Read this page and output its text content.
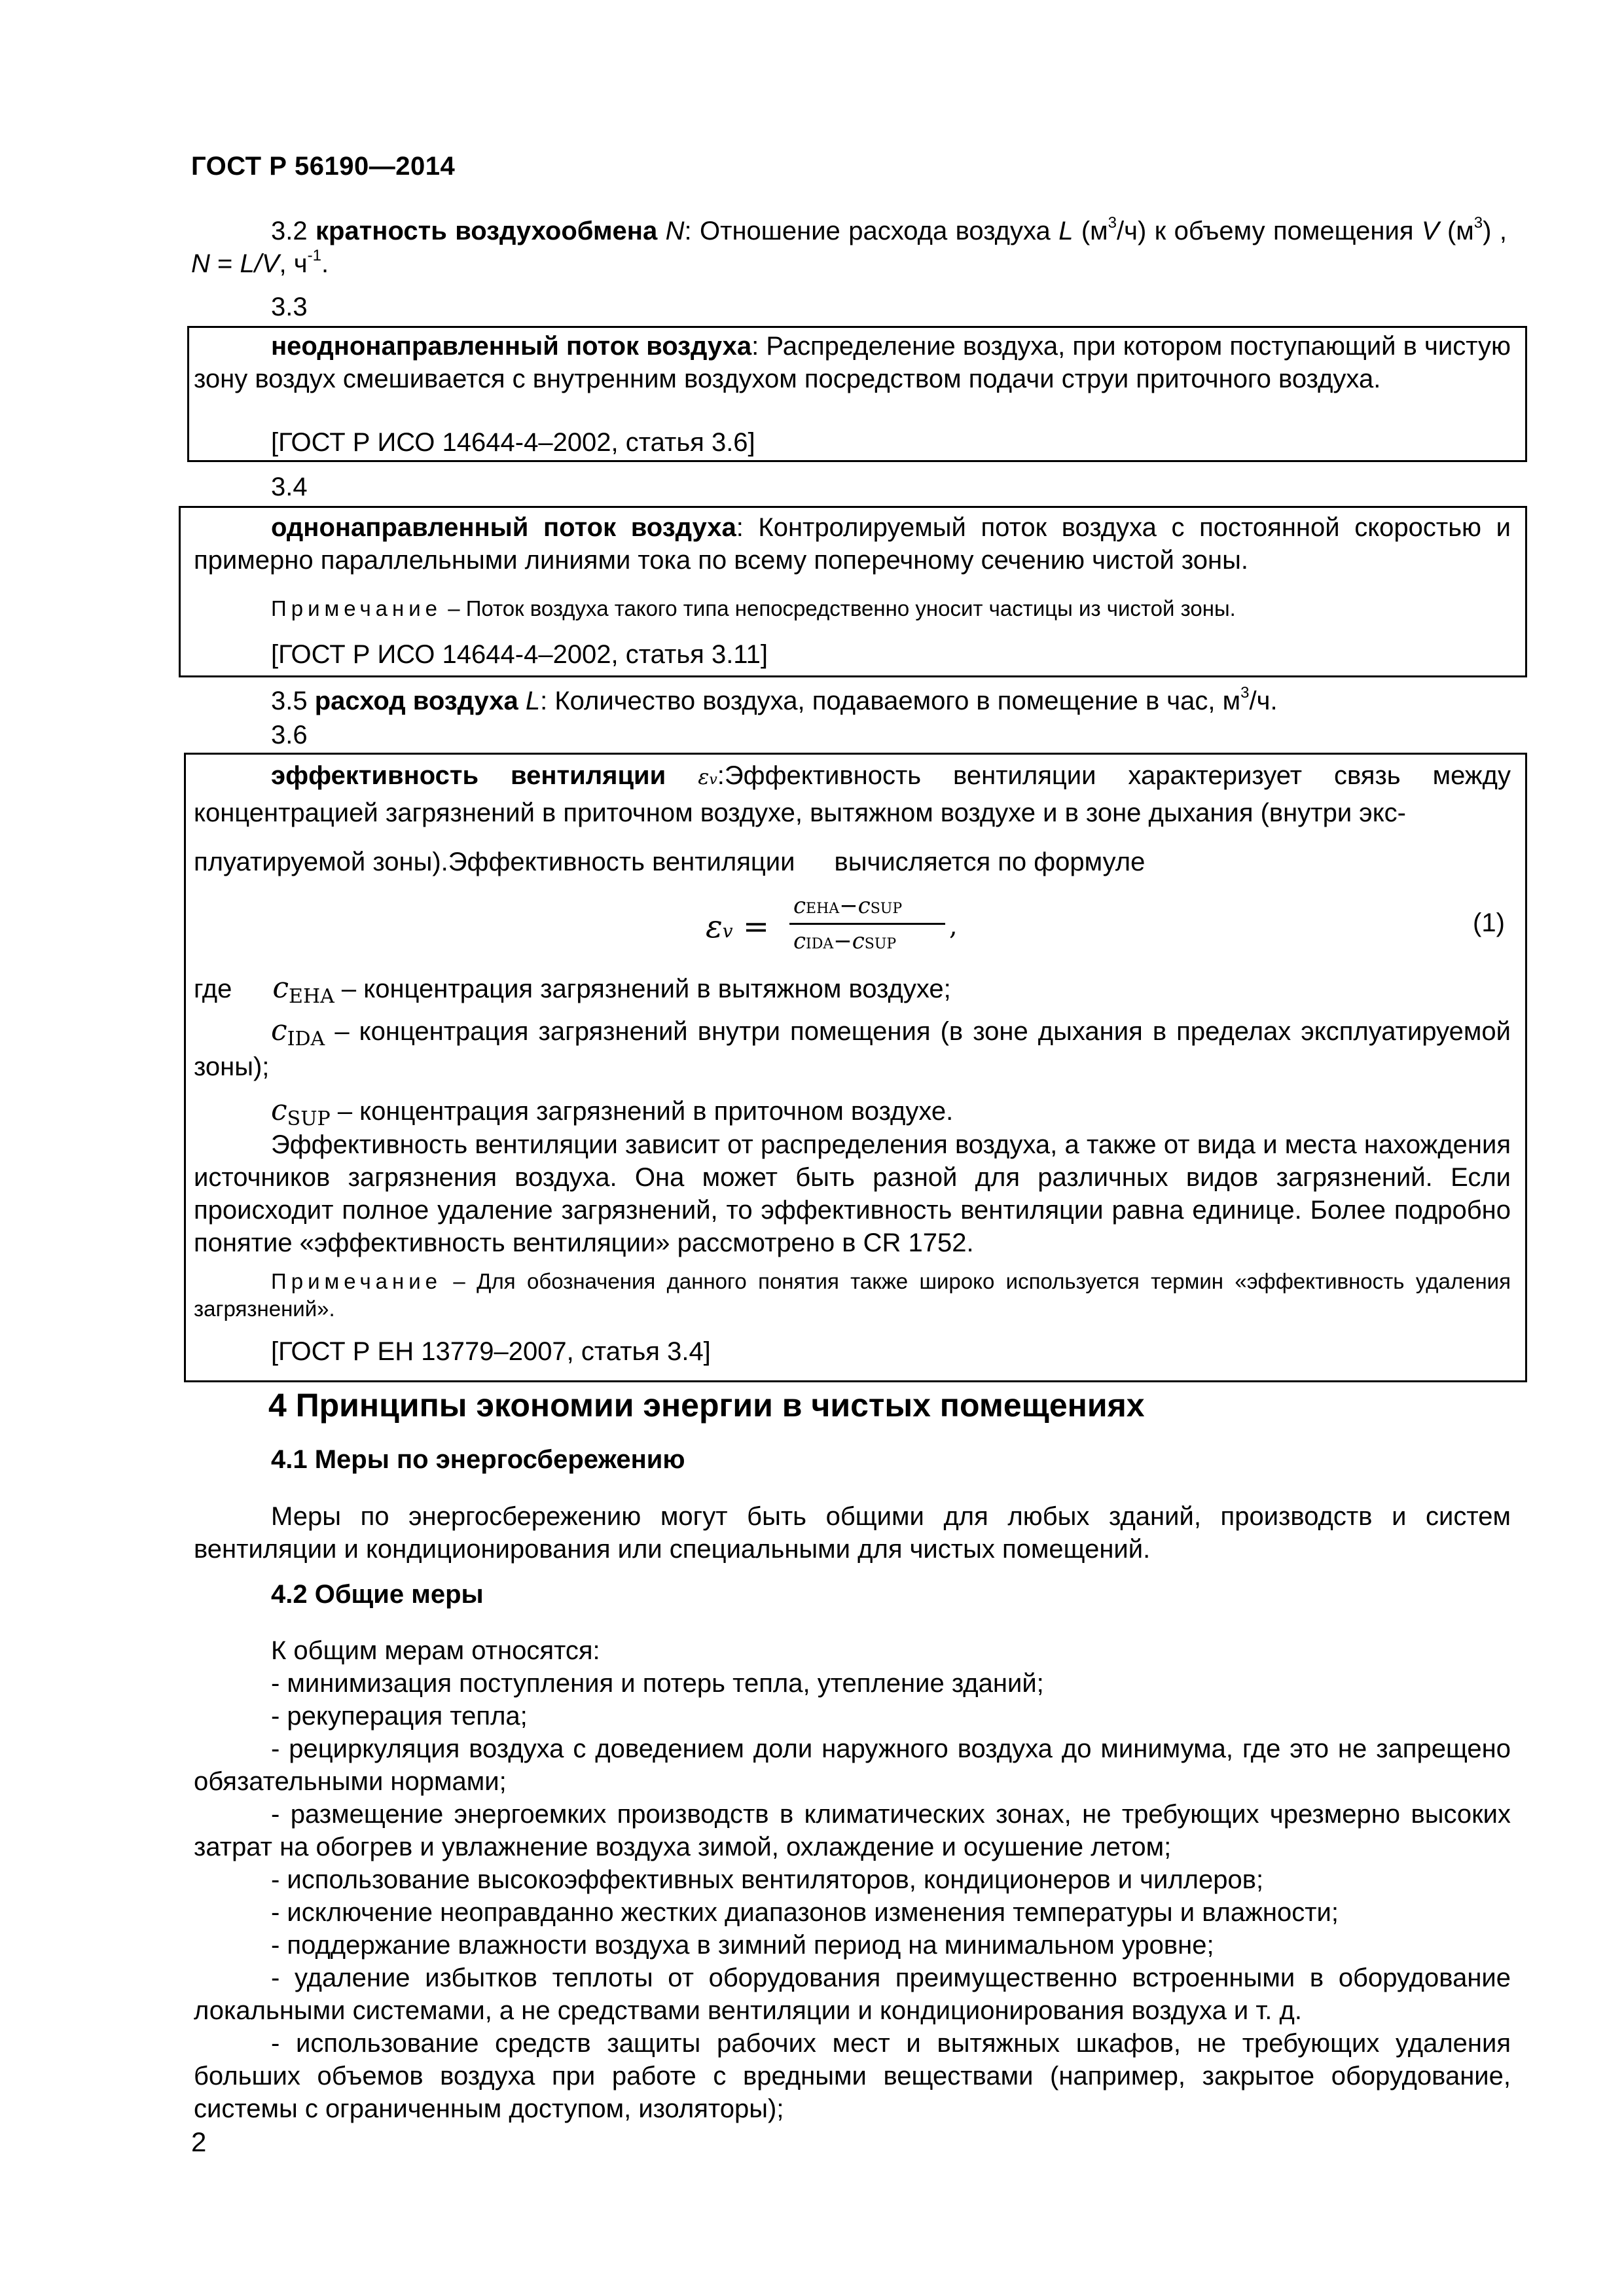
ГОСТ Р 56190—2014
3.2 кратность воздухообмена N: Отношение расхода воздуха L $(м^3/ч)$ к объему помещения V $(м^3)$ , N = L/V, $ч^{-1}$.
3.3
неоднонаправленный поток воздуха: Распределение воздуха, при котором поступающий в чистую зону воздух смешивается с внутренним воздухом посредством подачи струи приточного воздуха.
[ГОСТ Р ИСО 14644-4–2002, статья 3.6]
3.4
однонаправленный поток воздуха: Контролируемый поток воздуха с постоянной скоростью и примерно параллельными линиями тока по всему поперечному сечению чистой зоны.
Примечание – Поток воздуха такого типа непосредственно уносит частицы из чистой зоны.
[ГОСТ Р ИСО 14644-4–2002, статья 3.11]
3.5 расход воздуха L: Количество воздуха, подаваемого в помещение в час, $м^3/ч$.
3.6
эффективность вентиляции εv:Эффективность вентиляции характеризует связь между концентрацией загрязнений в приточном воздухе, вытяжном воздухе и в зоне дыхания (внутри экс-
плуатируемой зоны).Эффективность вентиляции вычисляется по формуле
εv =
cEHA−cSUP
cIDA−cSUP
,	(1)
где $c_{EHA}$ – концентрация загрязнений в вытяжном воздухе;
$c_{IDA}$ – концентрация загрязнений внутри помещения (в зоне дыхания в пределах эксплуатируемой зоны);
$c_{SUP}$ – концентрация загрязнений в приточном воздухе.
Эффективность вентиляции зависит от распределения воздуха, а также от вида и места нахождения источников загрязнения воздуха. Она может быть разной для различных видов загрязнений. Если происходит полное удаление загрязнений, то эффективность вентиляции равна единице. Более подробно понятие «эффективность вентиляции» рассмотрено в CR 1752.
Примечание – Для обозначения данного понятия также широко используется термин «эффективность удаления загрязнений».
[ГОСТ Р ЕН 13779–2007, статья 3.4]
4 Принципы экономии энергии в чистых помещениях
4.1 Меры по энергосбережению
Меры по энергосбережению могут быть общими для любых зданий, производств и систем вентиляции и кондиционирования или специальными для чистых помещений.
4.2 Общие меры
К общим мерам относятся:
- минимизация поступления и потерь тепла, утепление зданий;
- рекуперация тепла;
- рециркуляция воздуха с доведением доли наружного воздуха до минимума, где это не запрещено обязательными нормами;
- размещение энергоемких производств в климатических зонах, не требующих чрезмерно высоких затрат на обогрев и увлажнение воздуха зимой, охлаждение и осушение летом;
- использование высокоэффективных вентиляторов, кондиционеров и чиллеров;
- исключение неоправданно жестких диапазонов изменения температуры и влажности;
- поддержание влажности воздуха в зимний период на минимальном уровне;
- удаление избытков теплоты от оборудования преимущественно встроенными в оборудование локальными системами, а не средствами вентиляции и кондиционирования воздуха и т. д.
- использование средств защиты рабочих мест и вытяжных шкафов, не требующих удаления больших объемов воздуха при работе с вредными веществами (например, закрытое оборудование, системы с ограниченным доступом, изоляторы);
2
